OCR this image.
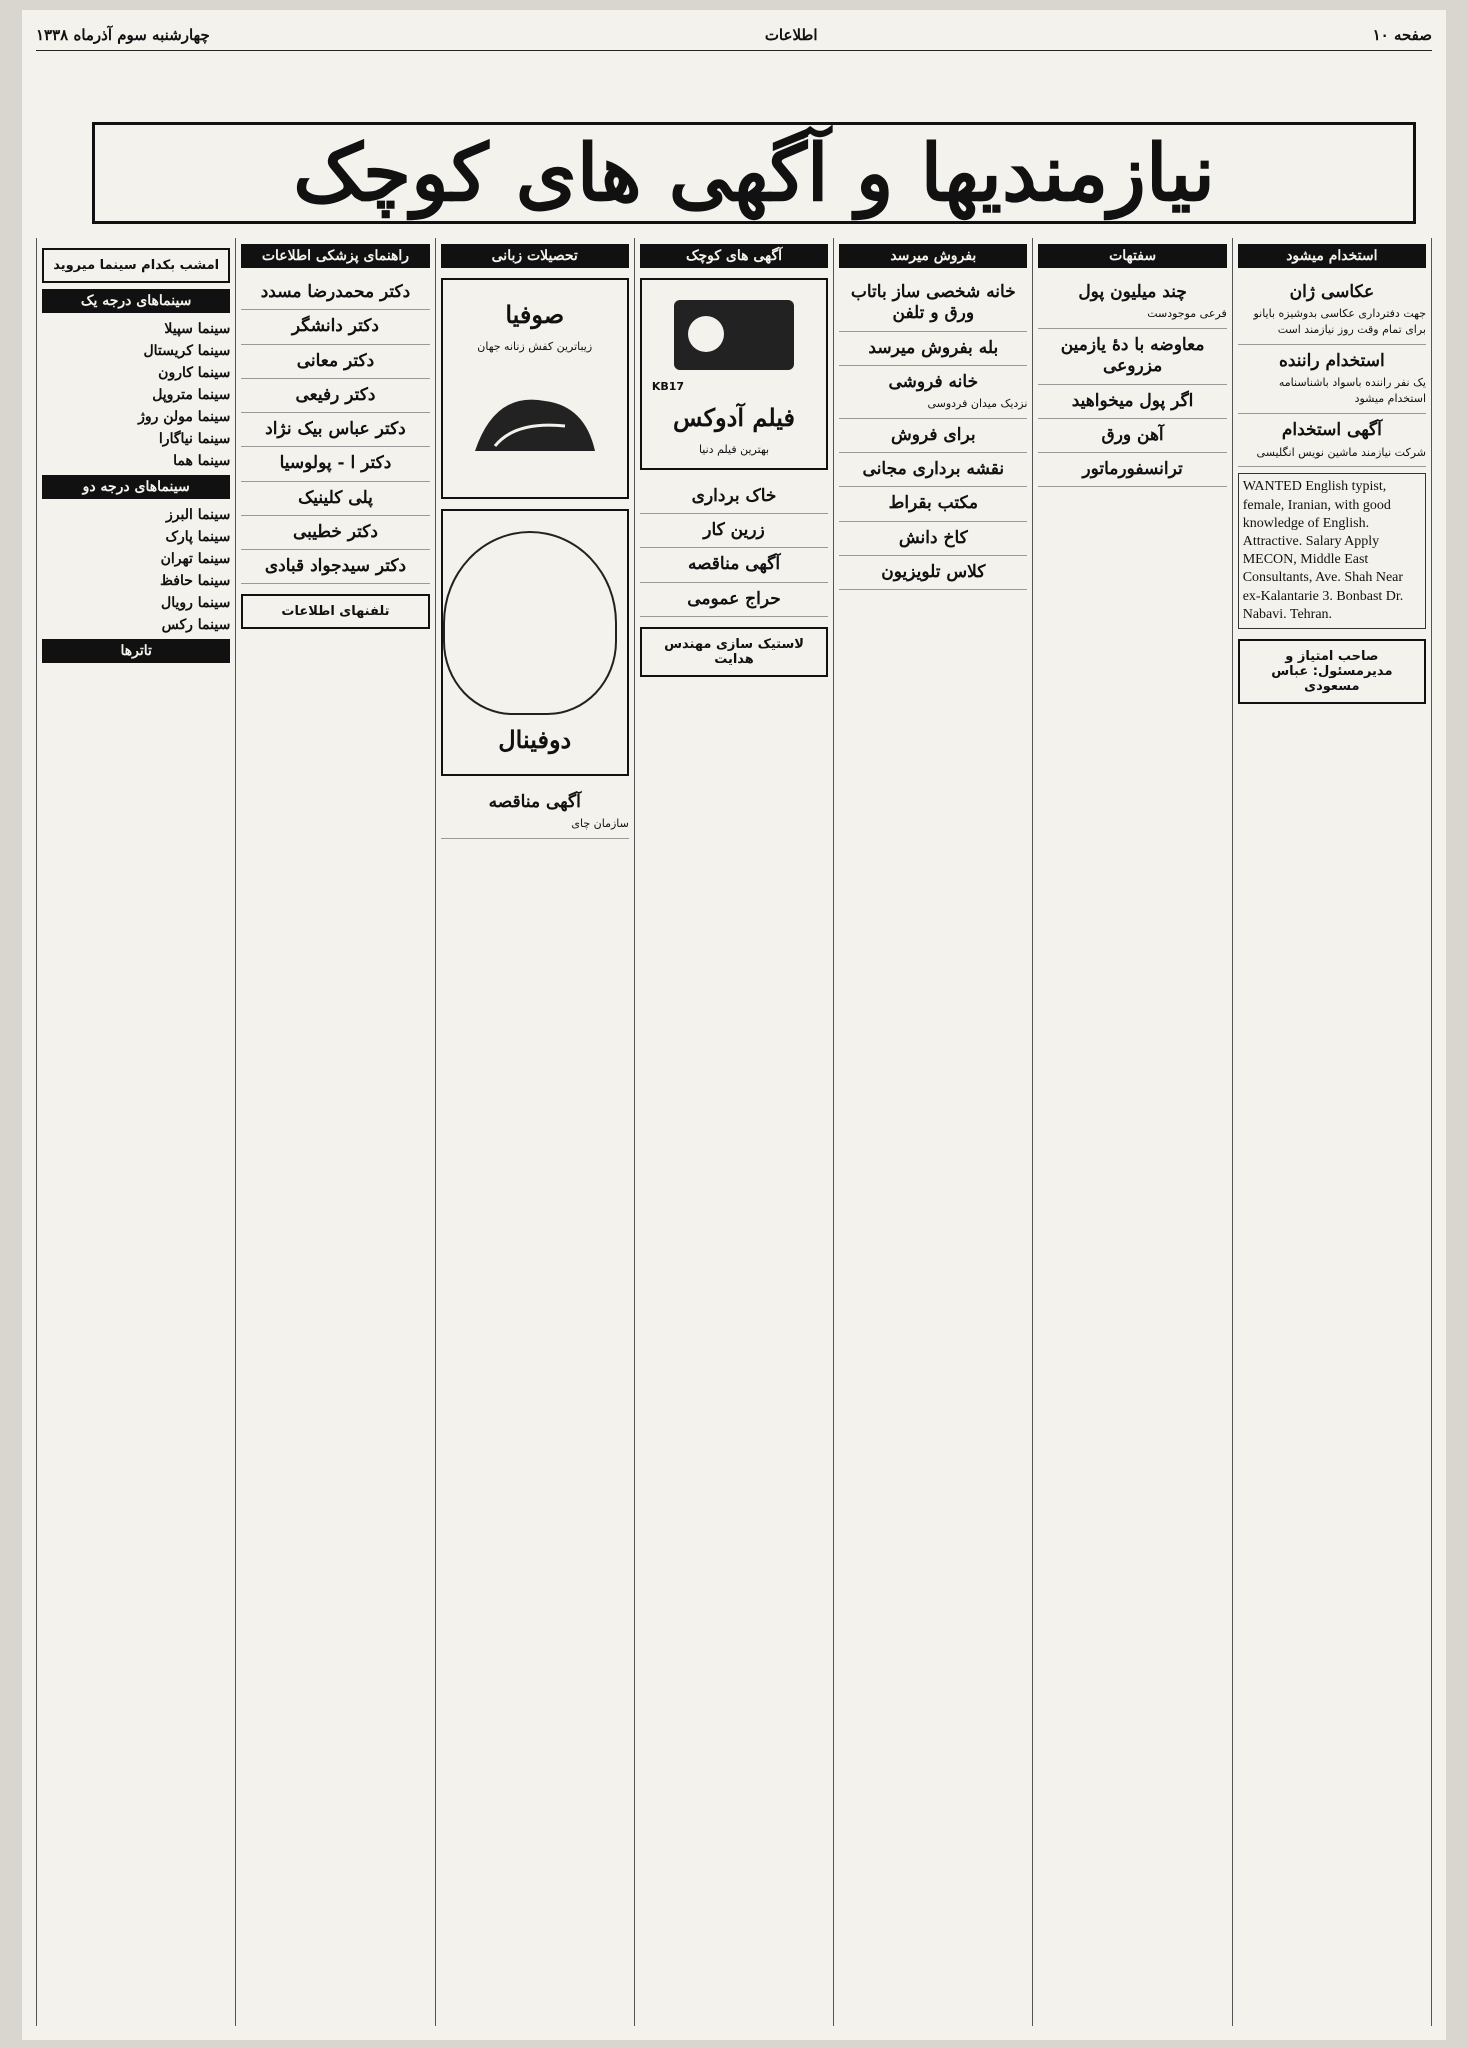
صفحه ۱۰
اطلاعات
چهارشنبه سوم آذرماه ۱۳۳۸
نیازمندیها و آگهی های کوچک
استخدام میشود
عکاسی ژان
جهت دفترداری عکاسی بدوشیزه بایانو برای تمام وقت روز نیازمند است
استخدام راننده
یک نفر راننده باسواد باشناسنامه استخدام میشود
آگهی استخدام
شرکت نیازمند ماشین نویس انگلیسی
WANTED English typist, female, Iranian, with good knowledge of English. Attractive. Salary Apply MECON, Middle East Consultants, Ave. Shah Near ex-Kalantarie 3. Bonbast Dr. Nabavi. Tehran.
صاحب امتیاز و مدیرمسئول: عباس مسعودی
سفتهات
چند میلیون پول
فرعی موجودست
معاوضه با دهٔ یازمین مزروعی
اگر پول میخواهید
آهن ورق
ترانسفورماتور
بفروش میرسد
خانه شخصی ساز باتاب ورق و تلفن
بله بفروش میرسد
خانه فروشی
نزدیک میدان فردوسی
برای فروش
نقشه برداری مجانی
مکتب بقراط
کاخ دانش
کلاس تلویزیون
آگهی های کوچک
KB17
فیلم آدوکس
بهترین فیلم دنیا
خاک برداری
زرین کار
آگهی مناقصه
حراج عمومی
لاستیک سازی مهندس هدایت
تحصیلات زبانی
صوفیا
زیباترین کفش زنانه جهان
دوفینال
آگهی مناقصه
سازمان چای
راهنمای پزشکی اطلاعات
دکتر محمدرضا مسدد
دکتر دانشگر
دکتر معانی
دکتر رفیعی
دکتر عباس بیک نژاد
دکتر ا - پولوسیا
پلی کلینیک
دکتر خطیبی
دکتر سیدجواد قبادی
تلفنهای اطلاعات
امشب بکدام سینما میروید
سینماهای درجه یک
سینما سپیلا
سینما کریستال
سینما کارون
سینما متروپل
سینما مولن روژ
سینما نیاگارا
سینما هما
سینماهای درجه دو
سینما البرز
سینما پارک
سینما تهران
سینما حافظ
سینما رویال
سینما رکس
تاترها
